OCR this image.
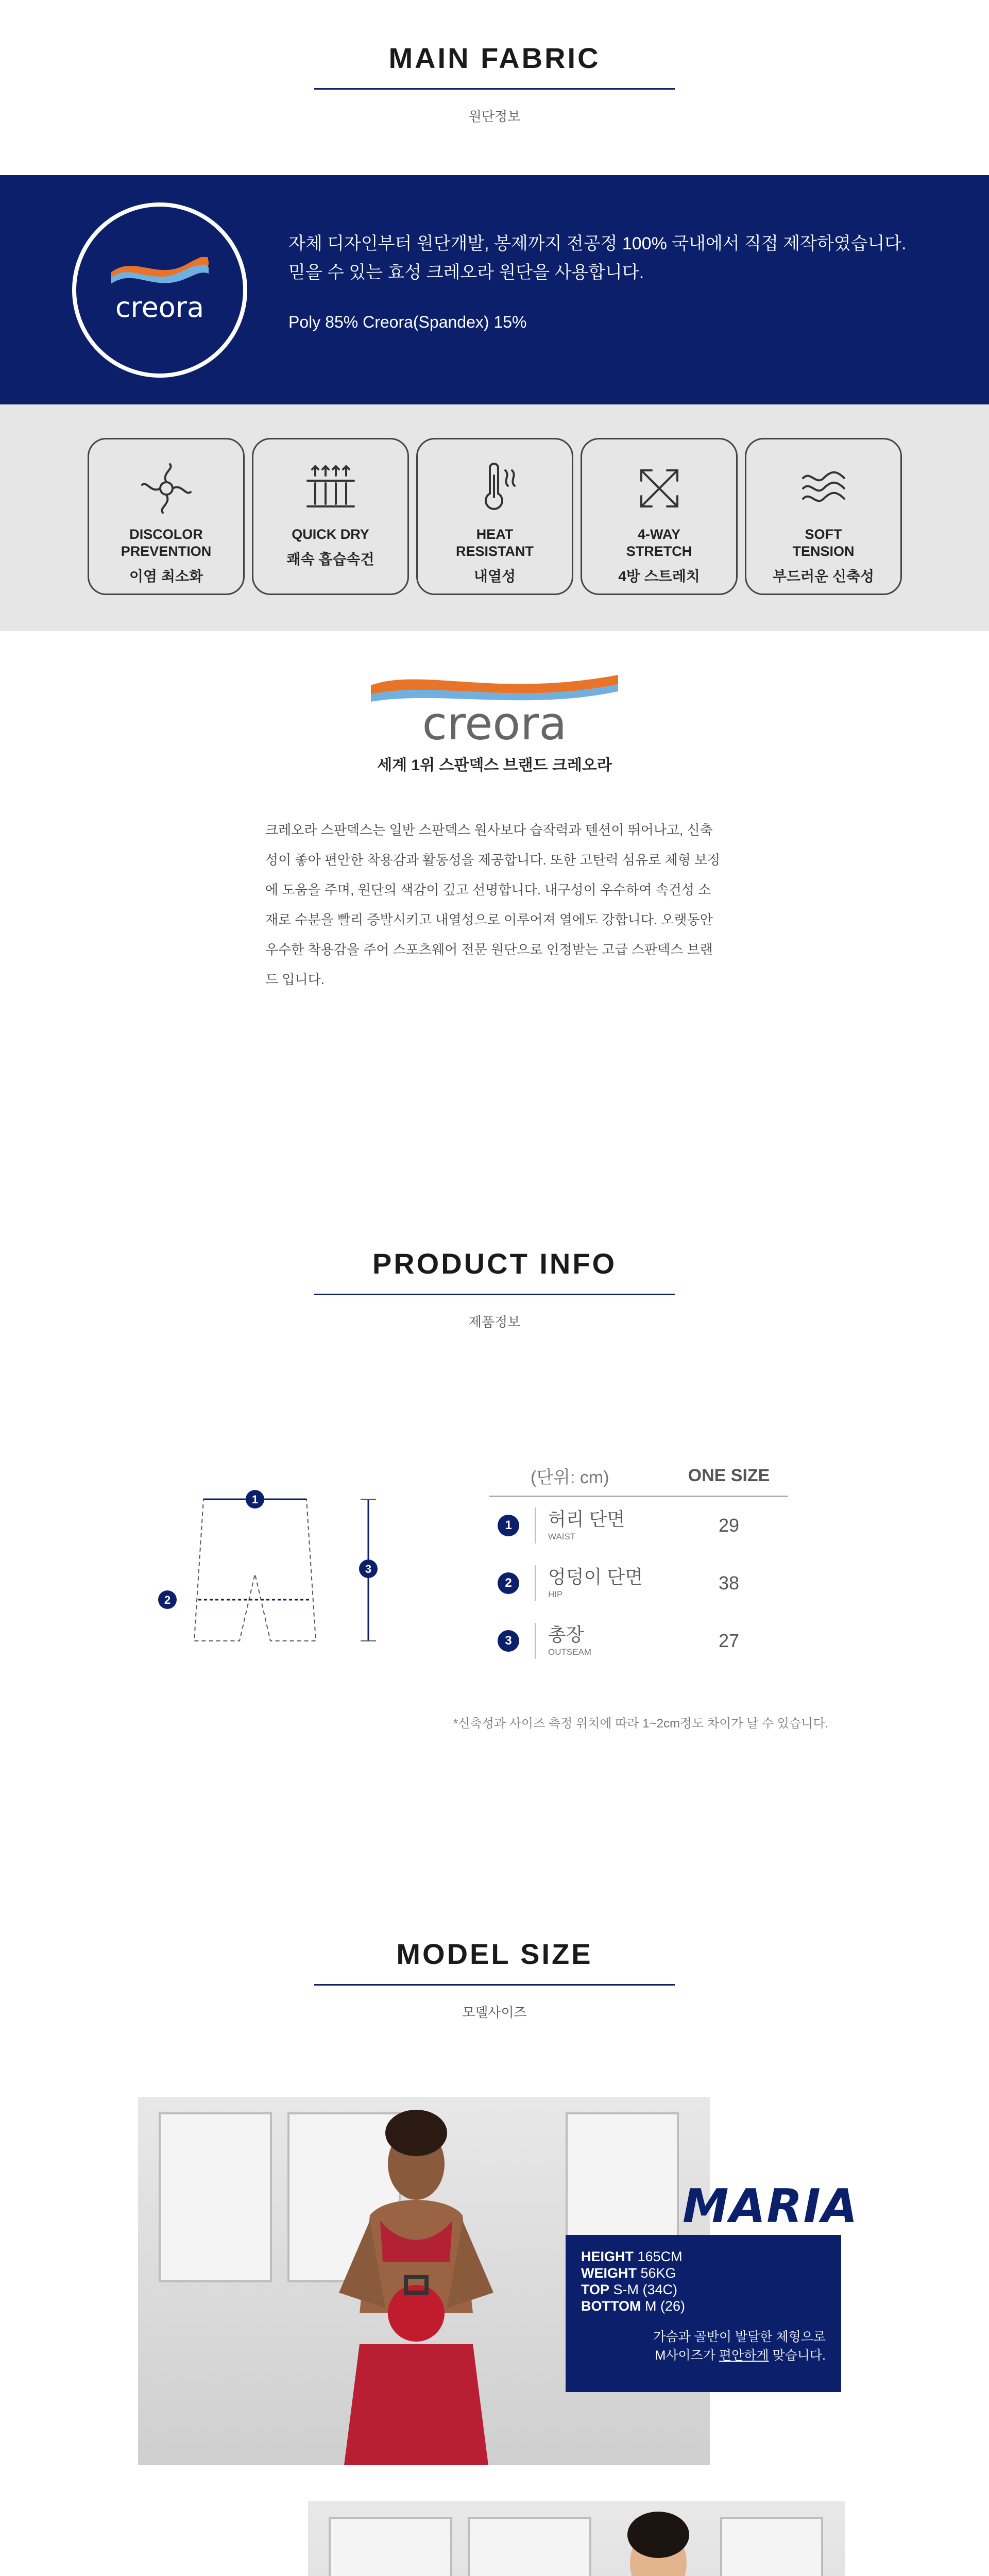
MAIN FABRIC
원단정보
creora
자체 디자인부터 원단개발, 봉제까지 전공정 100% 국내에서 직접 제작하였습니다.
믿을 수 있는 효성 크레오라 원단을 사용합니다.
Poly 85% Creora(Spandex) 15%
DISCOLOR
PREVENTION
이염 최소화
QUICK DRY
쾌속 흡습속건
HEAT
RESISTANT
내열성
4-WAY
STRETCH
4방 스트레치
SOFT
TENSION
부드러운 신축성
creora
세계 1위 스판덱스 브랜드 크레오라
크레오라 스판덱스는 일반 스판덱스 원사보다 습작력과 텐션이 뛰어나고, 신축성이 좋아 편안한 착용감과 활동성을 제공합니다. 또한 고탄력 섬유로 체형 보정에 도움을 주며, 원단의 색감이 깊고 선명합니다. 내구성이 우수하여 속건성 소재로 수분을 빨리 증발시키고 내열성으로 이루어져 열에도 강합니다. 오랫동안 우수한 착용감을 주어 스포츠웨어 전문 원단으로 인정받는 고급 스판덱스 브랜드 입니다.
PRODUCT INFO
제품정보
1
2
3
(단위: cm)	ONE SIZE
1	허리 단면
WAIST
29
2	엉덩이 단면
HIP
38
3	총장
OUTSEAM
27
*신축성과 사이즈 측정 위치에 따라 1~2cm정도 차이가 날 수 있습니다.
MODEL SIZE
모델사이즈
MARIA
HEIGHT 165CM
WEIGHT 56KG
TOP S-M (34C)
BOTTOM M (26)
가슴과 골반이 발달한 체형으로
M사이즈가 편안하게 맞습니다.
